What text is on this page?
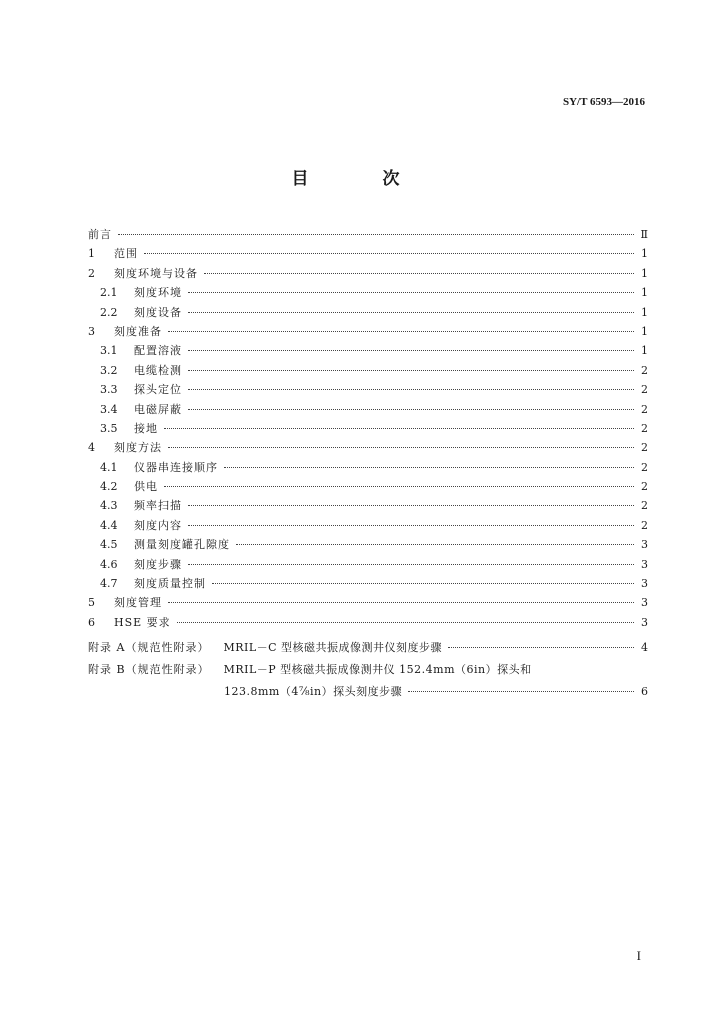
SY/T 6593—2016
目 次
前言	Ⅱ
1	范围	1
2	刻度环境与设备	1
2.1	刻度环境	1
2.2	刻度设备	1
3	刻度准备	1
3.1	配置溶液	1
3.2	电缆检测	2
3.3	探头定位	2
3.4	电磁屏蔽	2
3.5	接地	2
4	刻度方法	2
4.1	仪器串连接顺序	2
4.2	供电	2
4.3	频率扫描	2
4.4	刻度内容	2
4.5	测量刻度罐孔隙度	3
4.6	刻度步骤	3
4.7	刻度质量控制	3
5	刻度管理	3
6	HSE 要求	3
附录 A（规范性附录） MRIL－C 型核磁共振成像测井仪刻度步骤	4
附录 B（规范性附录） MRIL－P 型核磁共振成像测井仪 152.4mm（6in）探头和
123.8mm（4⅞in）探头刻度步骤	6
I
